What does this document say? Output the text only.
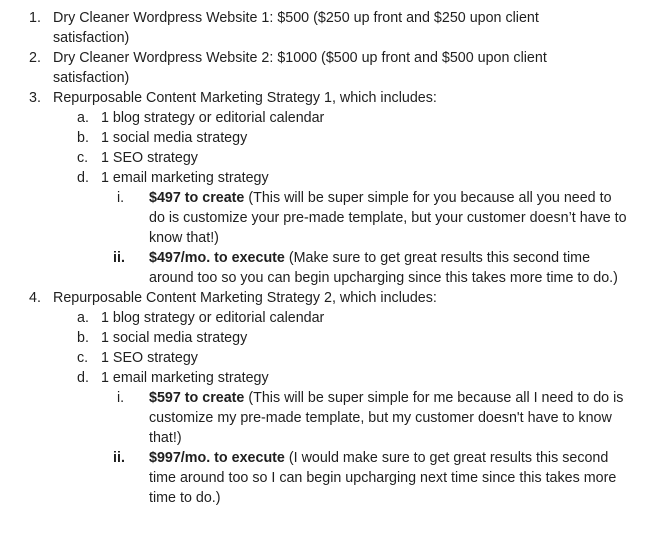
1. Dry Cleaner Wordpress Website 1: $500 ($250 up front and $250 upon client satisfaction)
2. Dry Cleaner Wordpress Website 2: $1000 ($500 up front and $500 upon client satisfaction)
3. Repurposable Content Marketing Strategy 1, which includes:
a. 1 blog strategy or editorial calendar
b. 1 social media strategy
c. 1 SEO strategy
d. 1 email marketing strategy
i. $497 to create (This will be super simple for you because all you need to do is customize your pre-made template, but your customer doesn’t have to know that!)
ii. $497/mo. to execute (Make sure to get great results this second time around too so you can begin upcharging since this takes more time to do.)
4. Repurposable Content Marketing Strategy 2, which includes:
a. 1 blog strategy or editorial calendar
b. 1 social media strategy
c. 1 SEO strategy
d. 1 email marketing strategy
i. $597 to create (This will be super simple for me because all I need to do is customize my pre-made template, but my customer doesn't have to know that!)
ii. $997/mo. to execute (I would make sure to get great results this second time around too so I can begin upcharging next time since this takes more time to do.)
